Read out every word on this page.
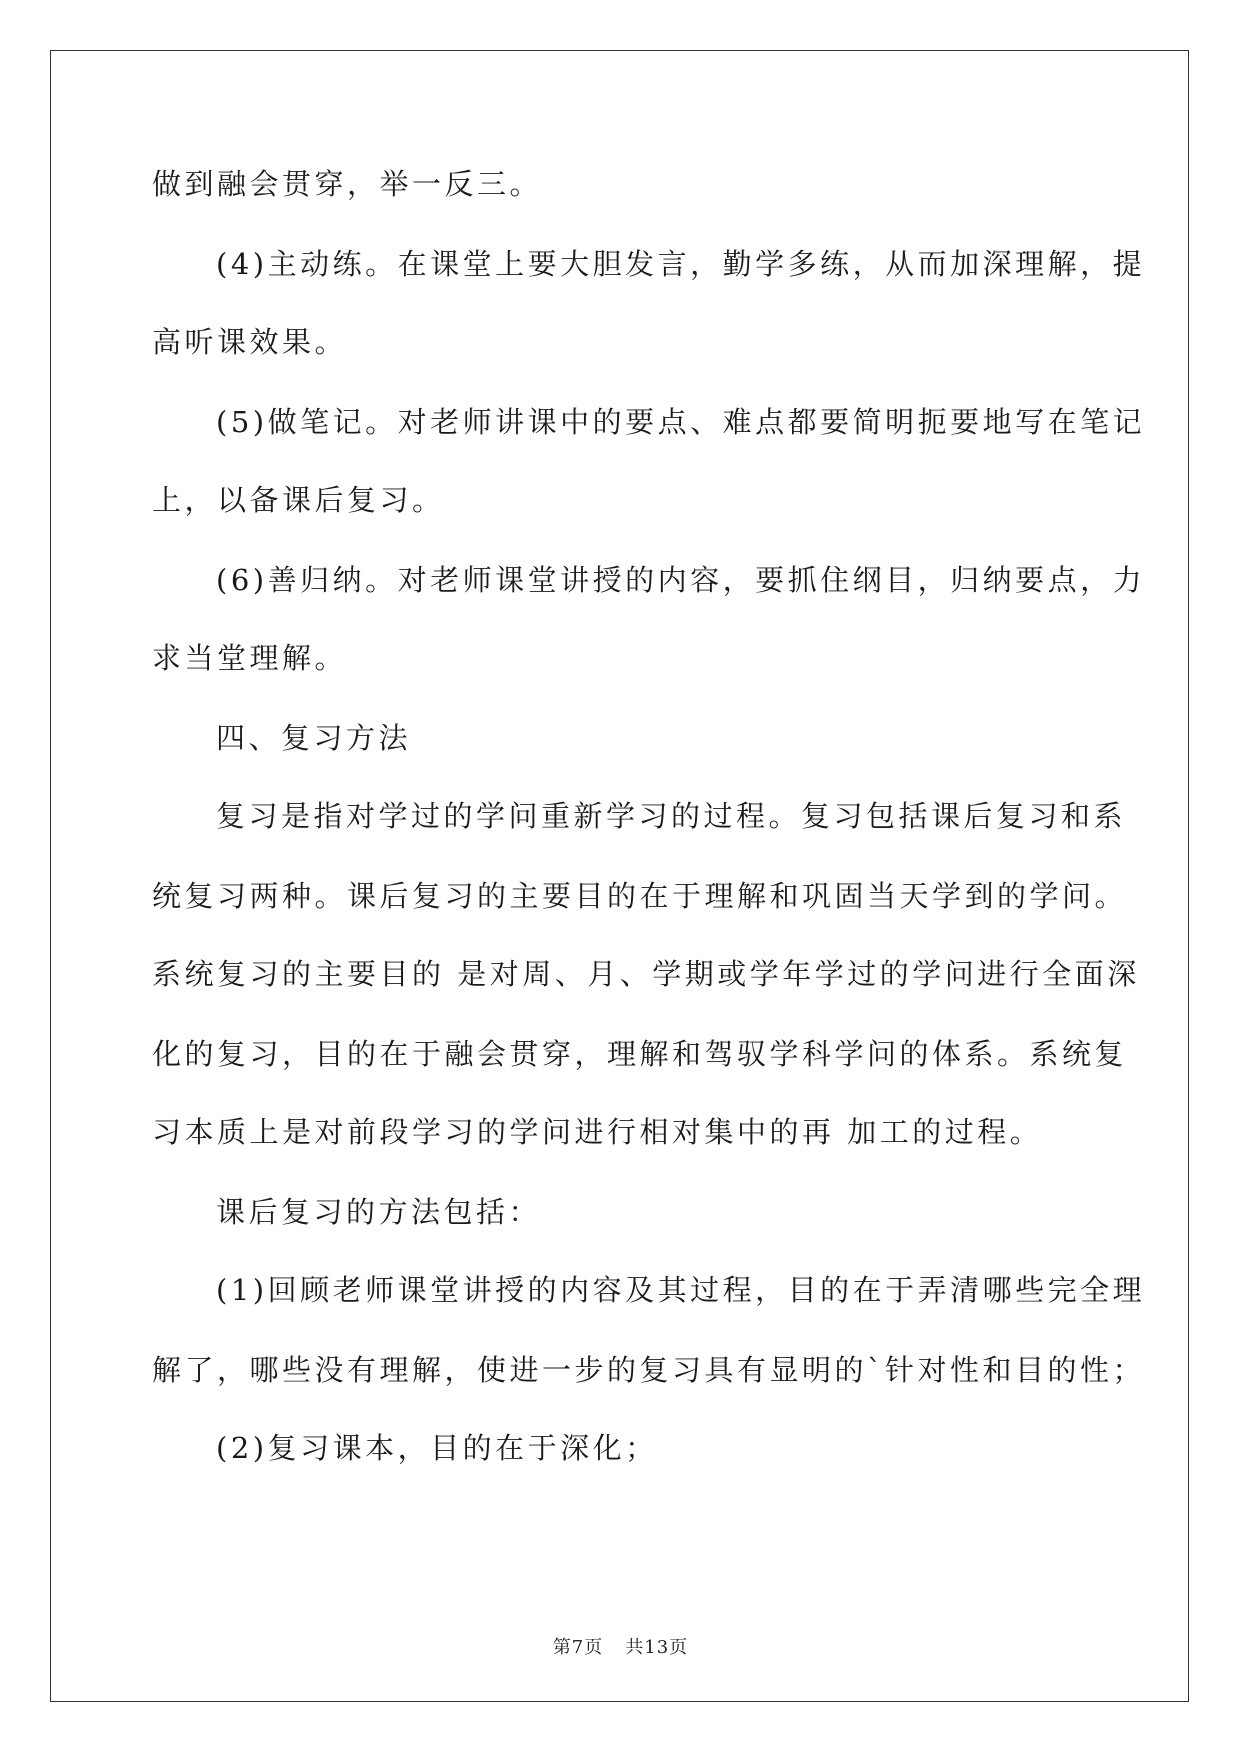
做到融会贯穿，举一反三。
(4)主动练。在课堂上要大胆发言，勤学多练，从而加深理解，提
高听课效果。
(5)做笔记。对老师讲课中的要点、难点都要简明扼要地写在笔记
上，以备课后复习。
(6)善归纳。对老师课堂讲授的内容，要抓住纲目，归纳要点，力
求当堂理解。
四、复习方法
复习是指对学过的学问重新学习的过程。复习包括课后复习和系
统复习两种。课后复习的主要目的在于理解和巩固当天学到的学问。
系统复习的主要目的 是对周、月、学期或学年学过的学问进行全面深
化的复习，目的在于融会贯穿，理解和驾驭学科学问的体系。系统复
习本质上是对前段学习的学问进行相对集中的再 加工的过程。
课后复习的方法包括：
(1)回顾老师课堂讲授的内容及其过程，目的在于弄清哪些完全理
解了，哪些没有理解，使进一步的复习具有显明的`针对性和目的性；
(2)复习课本，目的在于深化；
第7页 共13页
